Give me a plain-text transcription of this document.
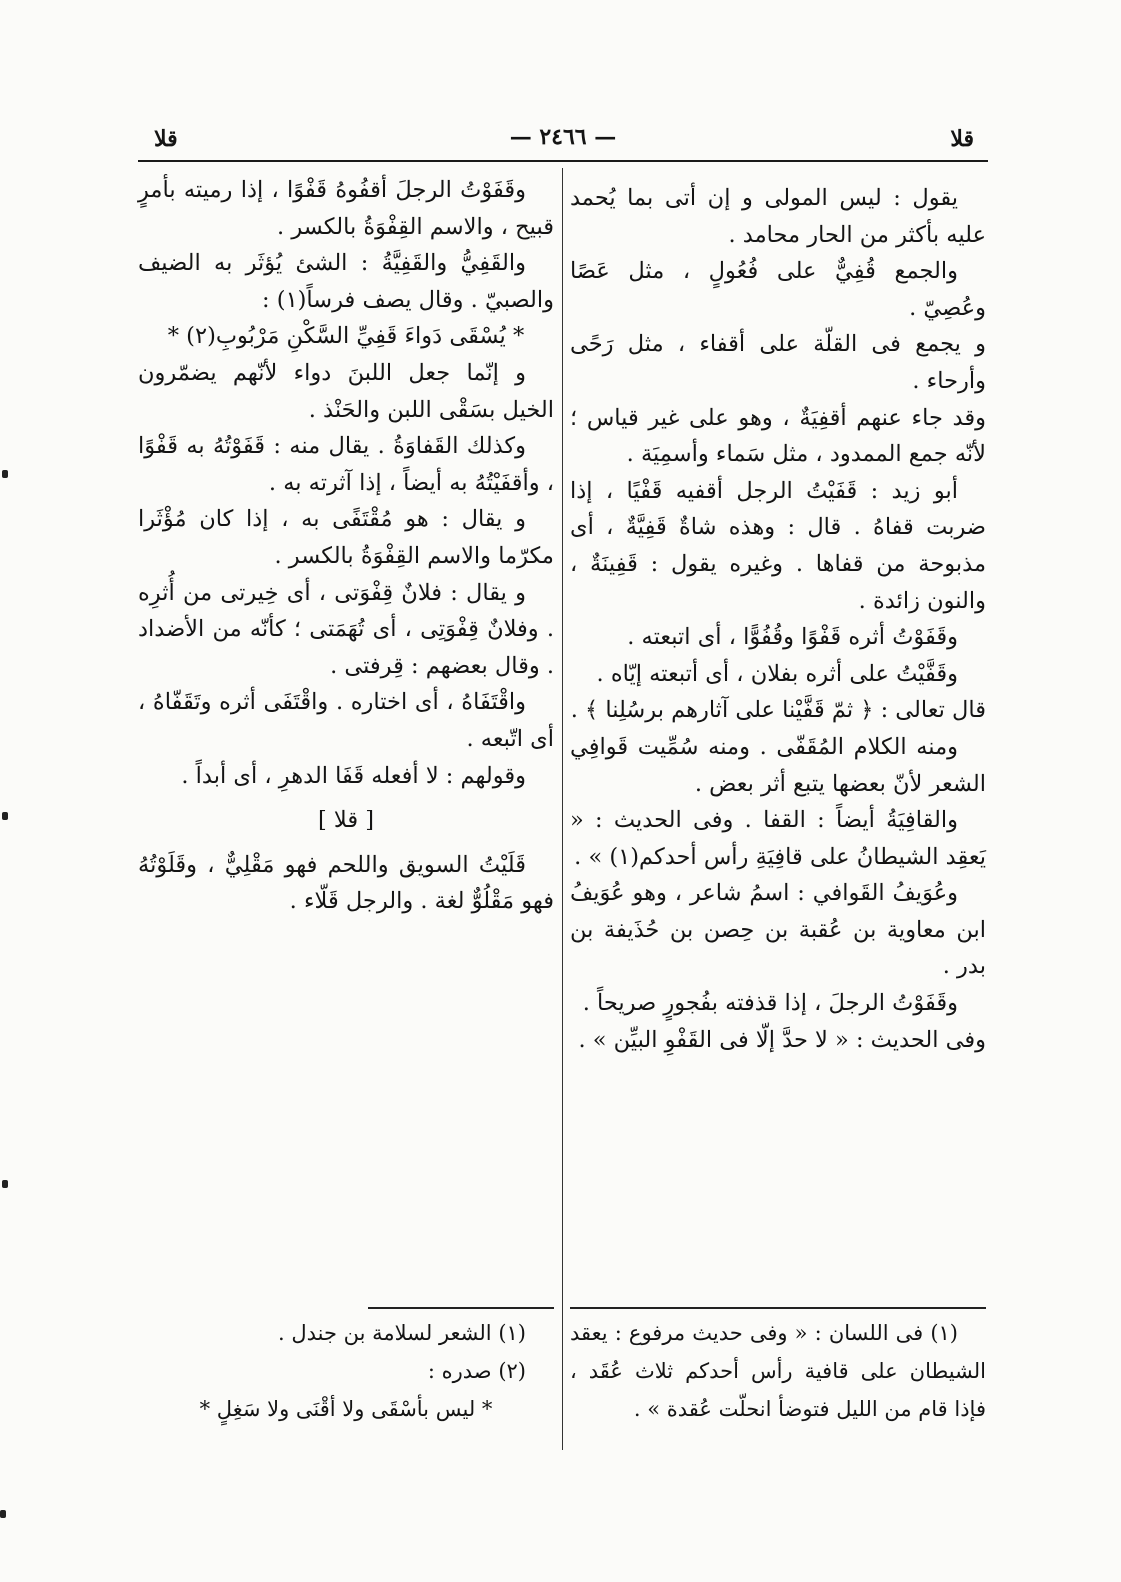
قلا
— ٢٤٦٦ —
قلا

يقول : ليس المولى و إن أتى بما يُحمد عليه بأكثر من الحار محامد .

والجمع قُفِيٌّ على فُعُولٍ ، مثل عَصًا وعُصِيّ .

و يجمع فى القلّة على أقفاء ، مثل رَحًى وأرحاء .

وقد جاء عنهم أقفِيَةٌ ، وهو على غير قياس ؛ لأنّه جمع الممدود ، مثل سَماء وأسمِيَة .

أبو زيد : قَفَيْتُ الرجل أقفيه قَفْيًا ، إذا ضربت قفاهُ . قال : وهذه شاةٌ قَفِيَّةٌ ، أى مذبوحة من قفاها . وغيره يقول : قَفِينَةٌ ، والنون زائدة .

وقَفَوْتُ أثره قَفْوًا وقُفُوًّا ، أى اتبعته .

وقَفَّيْتُ على أثره بفلان ، أى أتبعته إيّاه .

قال تعالى : ﴿ ثمّ قَفَّيْنا على آثارهم برسُلِنا ﴾ .

ومنه الكلام المُقَفّى . ومنه سُمِّيت قَوافِي الشعر لأنّ بعضها يتبع أثر بعض .

والقافِيَةُ أيضاً : القفا . وفى الحديث : « يَعقِد الشيطانُ على قافِيَةِ رأس أحدكم(١) » .

وعُوَيفُ القَوافي : اسمُ شاعر ، وهو عُوَيفُ ابن معاوية بن عُقبة بن حِصن بن حُذَيفة بن بدر .

وقَفَوْتُ الرجلَ ، إذا قذفته بفُجورٍ صريحاً .

وفى الحديث : « لا حدَّ إلّا فى القَفْوِ البيِّن » .

وقَفَوْتُ الرجلَ أقفُوهُ قَفْوًا ، إذا رميته بأمرٍ قبيح ، والاسم القِفْوَةُ بالكسر .

والقَفِيُّ والقَفِيَّةُ : الشئ يُؤثَر به الضيف والصبيّ . وقال يصف فرساً(١) :

* يُسْقَى دَواءَ قَفِيِّ السَّكْنِ مَرْبُوبِ(٢) *

و إنّما جعل اللبنَ دواء لأنّهم يضمّرون الخيل بسَقْى اللبن والحَنْذ .

وكذلك القَفاوَةُ . يقال منه : قَفَوْتُهُ به قَفْوًا ، وأقفَيْتُهُ به أيضاً ، إذا آثرته به .

و يقال : هو مُقْتَفًى به ، إذا كان مُؤْثَرا مكرّما والاسم القِفْوَةُ بالكسر .

و يقال : فلانٌ قِفْوَتى ، أى خِيرتى من أُثرِه . وفلانٌ قِفْوَتِى ، أى تُهَمَتى ؛ كأنّه من الأضداد . وقال بعضهم : قِرفتى .

واقْتَفَاهُ ، أى اختاره . واقْتَفَى أثره وتَقَفّاهُ ، أى اتّبعه .

وقولهم : لا أفعله قَفَا الدهرِ ، أى أبداً .

[ قلا ]

قَلَيْتُ السويق واللحم فهو مَقْلِيٌّ ، وقَلَوْتُهُ فهو مَقْلُوٌّ لغة . والرجل قَلّاء .

(١) فى اللسان : « وفى حديث مرفوع : يعقد الشيطان على قافية رأس أحدكم ثلاث عُقَد ، فإذا قام من الليل فتوضأ انحلّت عُقدة » .

(١) الشعر لسلامة بن جندل .

(٢) صدره :

* ليس بأسْقَى ولا أقْنَى ولا سَغِلٍ *
